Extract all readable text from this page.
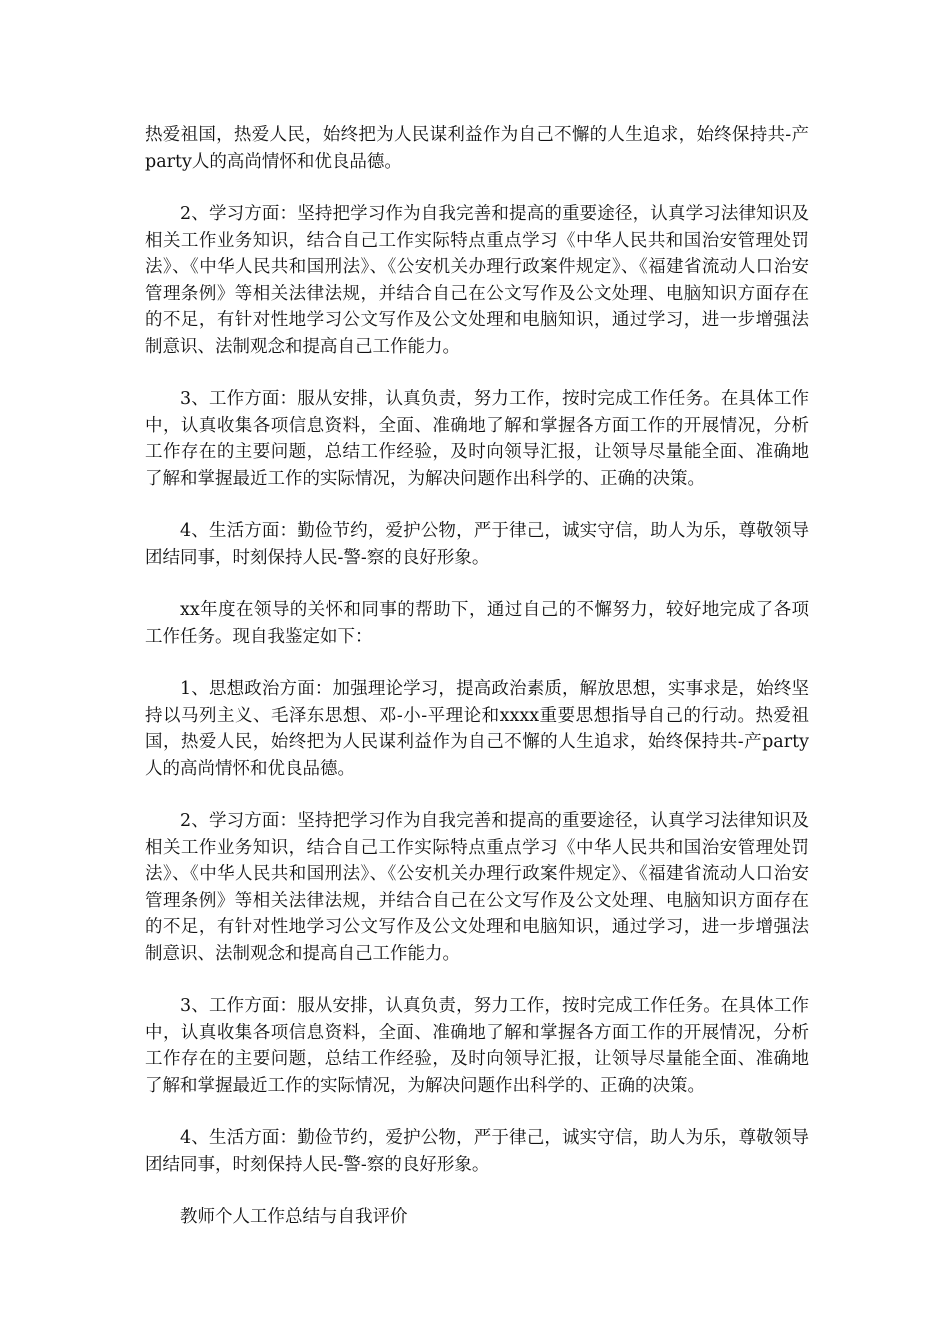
热爱祖国，热爱人民，始终把为人民谋利益作为自己不懈的人生追求，始终保持共-产party人的高尚情怀和优良品德。

2、学习方面：坚持把学习作为自我完善和提高的重要途径，认真学习法律知识及相关工作业务知识，结合自己工作实际特点重点学习《中华人民共和国治安管理处罚法》、《中华人民共和国刑法》、《公安机关办理行政案件规定》、《福建省流动人口治安管理条例》等相关法律法规，并结合自己在公文写作及公文处理、电脑知识方面存在的不足，有针对性地学习公文写作及公文处理和电脑知识，通过学习，进一步增强法制意识、法制观念和提高自己工作能力。

3、工作方面：服从安排，认真负责，努力工作，按时完成工作任务。在具体工作中，认真收集各项信息资料，全面、准确地了解和掌握各方面工作的开展情况，分析工作存在的主要问题，总结工作经验，及时向领导汇报，让领导尽量能全面、准确地了解和掌握最近工作的实际情况，为解决问题作出科学的、正确的决策。

4、生活方面：勤俭节约，爱护公物，严于律己，诚实守信，助人为乐，尊敬领导团结同事，时刻保持人民-警-察的良好形象。

xx年度在领导的关怀和同事的帮助下，通过自己的不懈努力，较好地完成了各项工作任务。现自我鉴定如下：

1、思想政治方面：加强理论学习，提高政治素质，解放思想，实事求是，始终坚持以马列主义、毛泽东思想、邓-小-平理论和xxxx重要思想指导自己的行动。热爱祖国，热爱人民，始终把为人民谋利益作为自己不懈的人生追求，始终保持共-产party人的高尚情怀和优良品德。

2、学习方面：坚持把学习作为自我完善和提高的重要途径，认真学习法律知识及相关工作业务知识，结合自己工作实际特点重点学习《中华人民共和国治安管理处罚法》、《中华人民共和国刑法》、《公安机关办理行政案件规定》、《福建省流动人口治安管理条例》等相关法律法规，并结合自己在公文写作及公文处理、电脑知识方面存在的不足，有针对性地学习公文写作及公文处理和电脑知识，通过学习，进一步增强法制意识、法制观念和提高自己工作能力。

3、工作方面：服从安排，认真负责，努力工作，按时完成工作任务。在具体工作中，认真收集各项信息资料，全面、准确地了解和掌握各方面工作的开展情况，分析工作存在的主要问题，总结工作经验，及时向领导汇报，让领导尽量能全面、准确地了解和掌握最近工作的实际情况，为解决问题作出科学的、正确的决策。

4、生活方面：勤俭节约，爱护公物，严于律己，诚实守信，助人为乐，尊敬领导团结同事，时刻保持人民-警-察的良好形象。

教师个人工作总结与自我评价
